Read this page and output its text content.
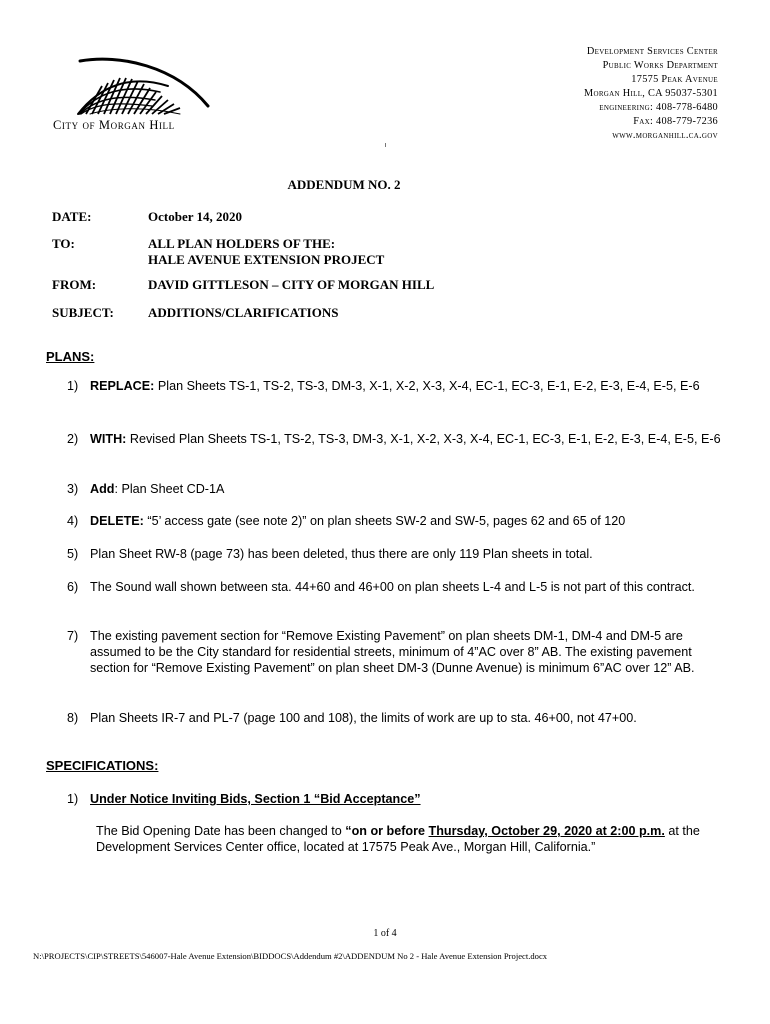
City of Morgan Hill
Development Services Center
Public Works Department
17575 Peak Avenue
Morgan Hill, CA 95037-5301
engineering: 408-778-6480
Fax: 408-779-7236
www.morganhill.ca.gov
ADDENDUM NO. 2
DATE:	October 14, 2020
TO:	ALL PLAN HOLDERS OF THE:
HALE AVENUE EXTENSION PROJECT
FROM:	DAVID GITTLESON – CITY OF MORGAN HILL
SUBJECT:	ADDITIONS/CLARIFICATIONS
PLANS:
1) REPLACE: Plan Sheets TS-1, TS-2, TS-3, DM-3, X-1, X-2, X-3, X-4, EC-1, EC-3, E-1, E-2, E-3, E-4, E-5, E-6
2) WITH: Revised Plan Sheets TS-1, TS-2, TS-3, DM-3, X-1, X-2, X-3, X-4, EC-1, EC-3, E-1, E-2, E-3, E-4, E-5, E-6
3) Add: Plan Sheet CD-1A
4) DELETE: “5’ access gate (see note 2)” on plan sheets SW-2 and SW-5, pages 62 and 65 of 120
5) Plan Sheet RW-8 (page 73) has been deleted, thus there are only 119 Plan sheets in total.
6) The Sound wall shown between sta. 44+60 and 46+00 on plan sheets L-4 and L-5 is not part of this contract.
7) The existing pavement section for “Remove Existing Pavement” on plan sheets DM-1, DM-4 and DM-5 are assumed to be the City standard for residential streets, minimum of 4”AC over 8” AB. The existing pavement section for “Remove Existing Pavement” on plan sheet DM-3 (Dunne Avenue) is minimum 6”AC over 12” AB.
8) Plan Sheets IR-7 and PL-7 (page 100 and 108), the limits of work are up to sta. 46+00, not 47+00.
SPECIFICATIONS:
1) Under Notice Inviting Bids, Section 1 “Bid Acceptance”
The Bid Opening Date has been changed to “on or before Thursday, October 29, 2020 at 2:00 p.m. at the Development Services Center office, located at 17575 Peak Ave., Morgan Hill, California.”
1 of 4
N:\PROJECTS\CIP\STREETS\546007-Hale Avenue Extension\BIDDOCS\Addendum #2\ADDENDUM No 2 - Hale Avenue Extension Project.docx
